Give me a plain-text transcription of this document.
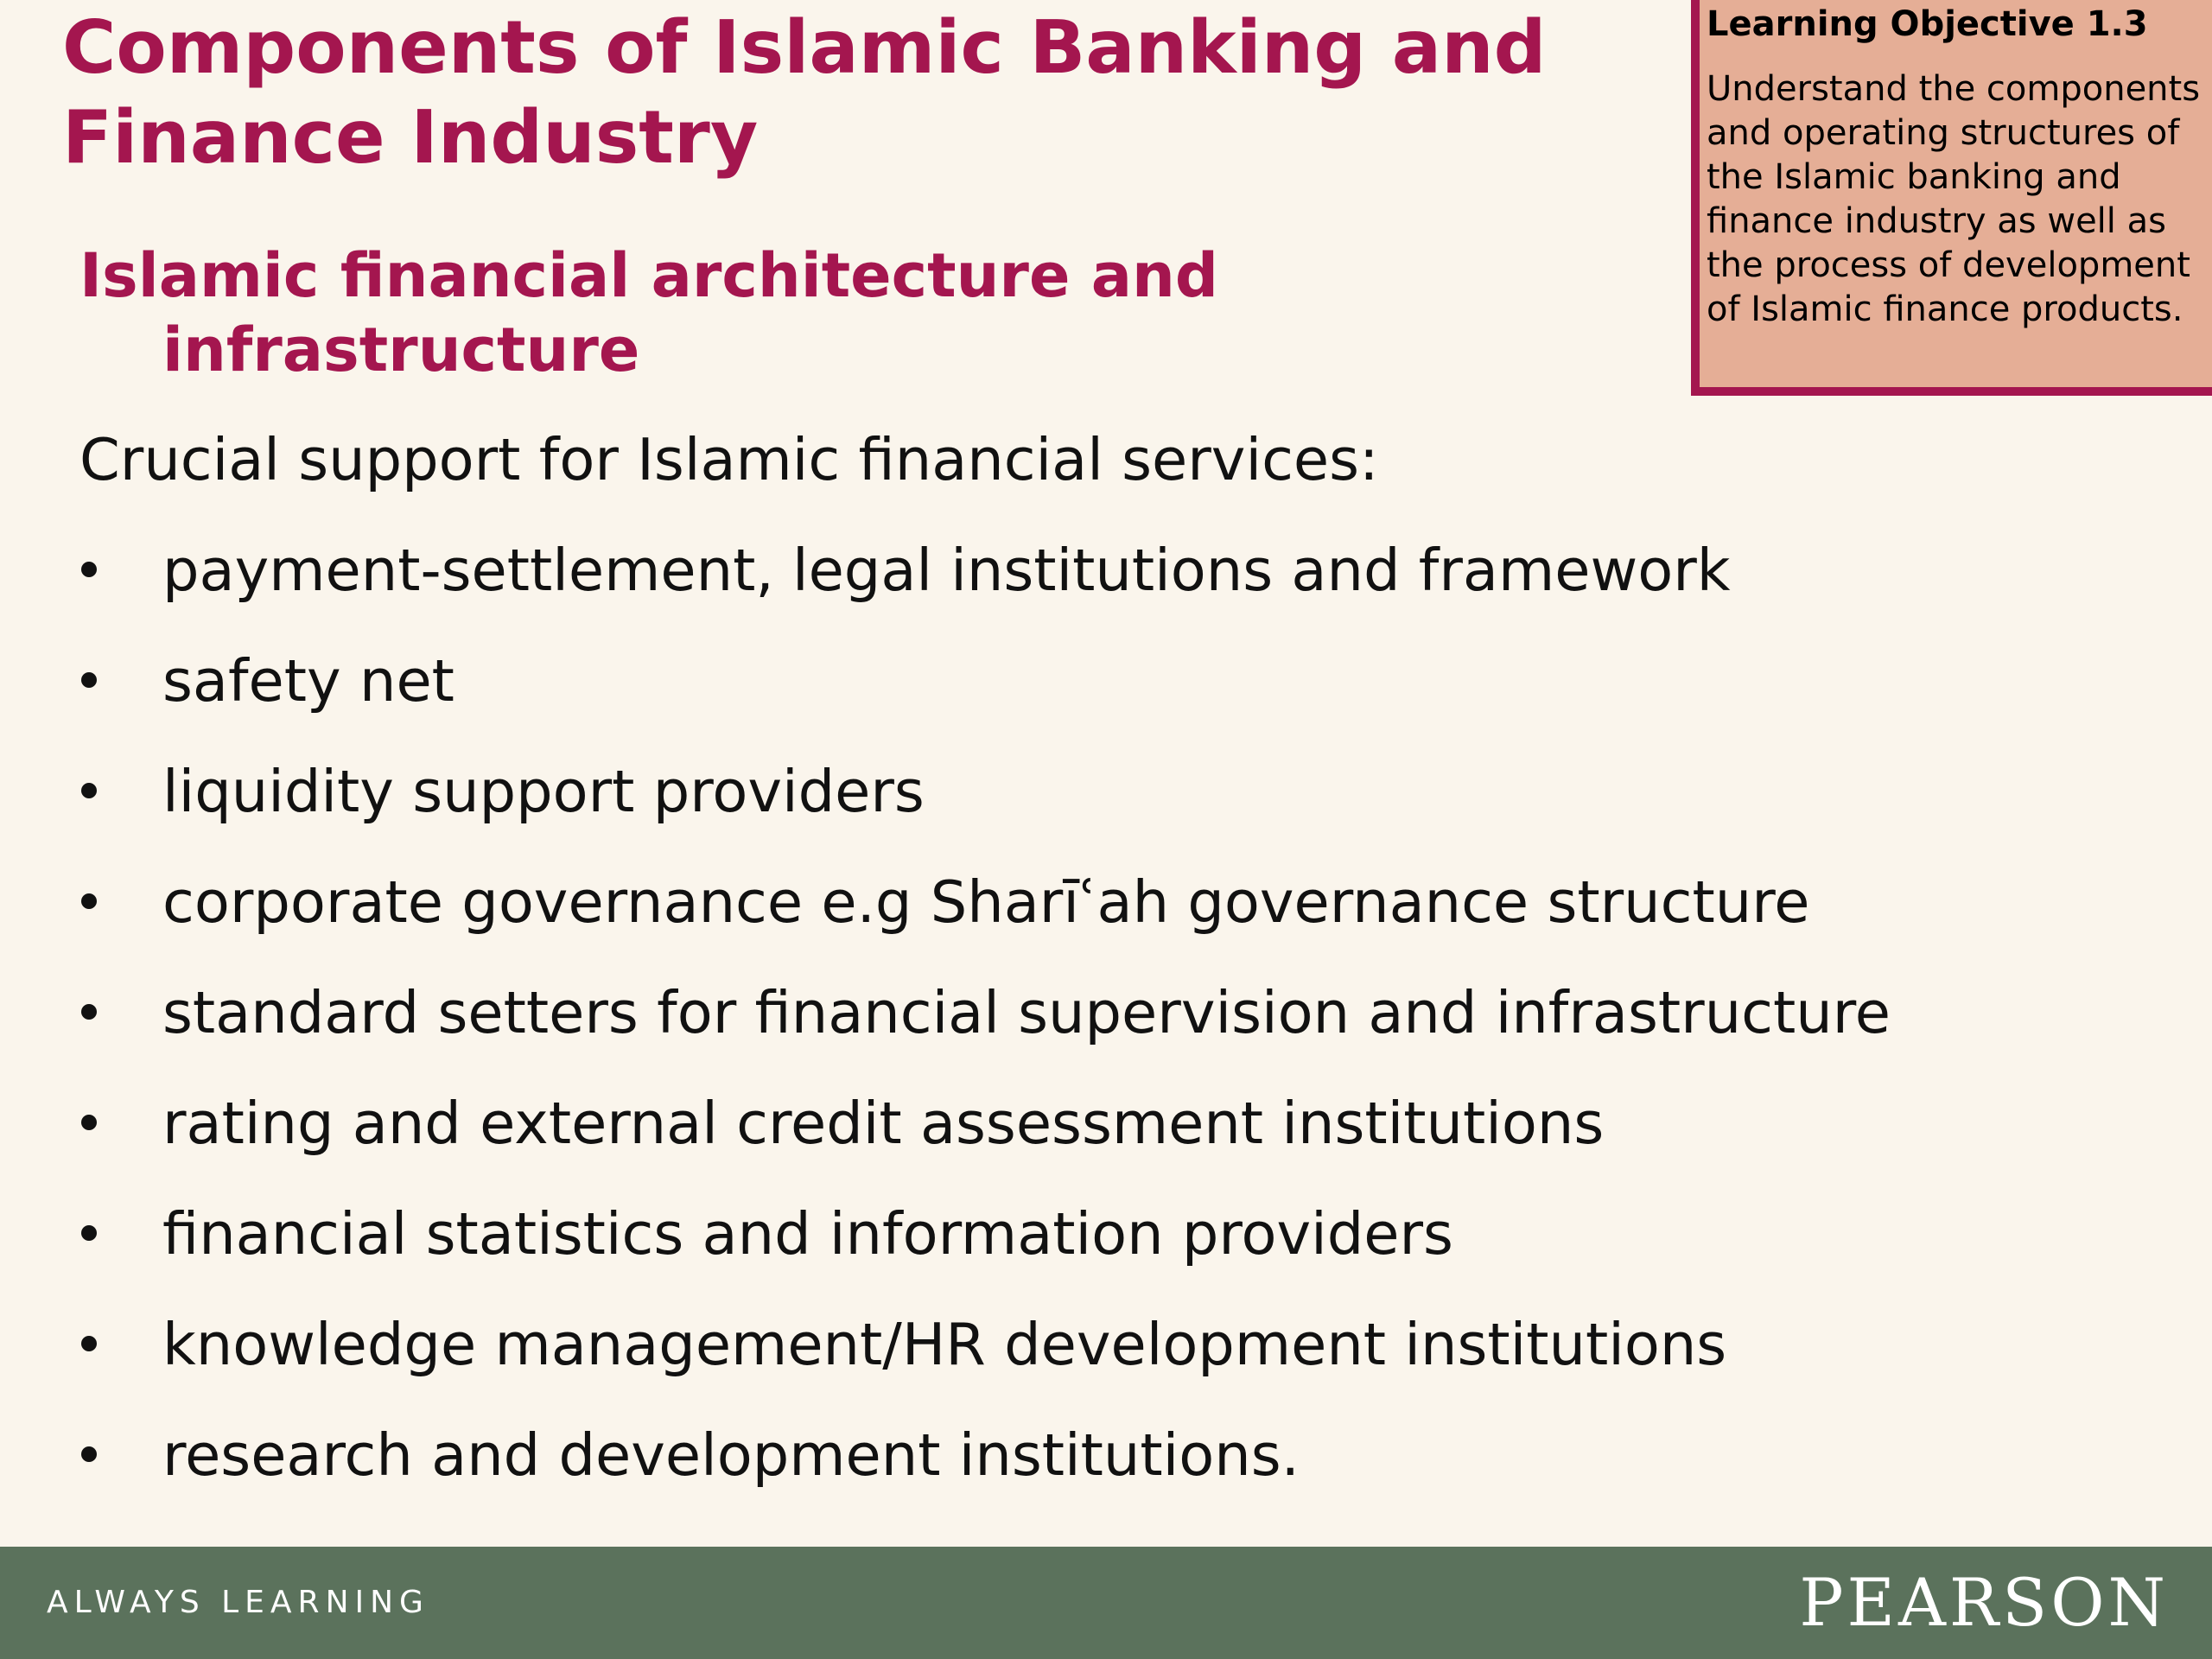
Components of Islamic Banking and Finance Industry
Learning Objective 1.3
Understand the components and operating structures of the Islamic banking and finance industry as well as the process of development of Islamic finance products.
Islamic financial architecture and infrastructure
Crucial support for Islamic financial services:
payment-settlement, legal institutions and framework
safety net
liquidity support providers
corporate governance e.g Sharīʿah governance structure
standard setters for financial supervision and infrastructure
rating and external credit assessment institutions
financial statistics and information providers
knowledge management/HR development institutions
research and development institutions.
ALWAYS LEARNING	PEARSON
